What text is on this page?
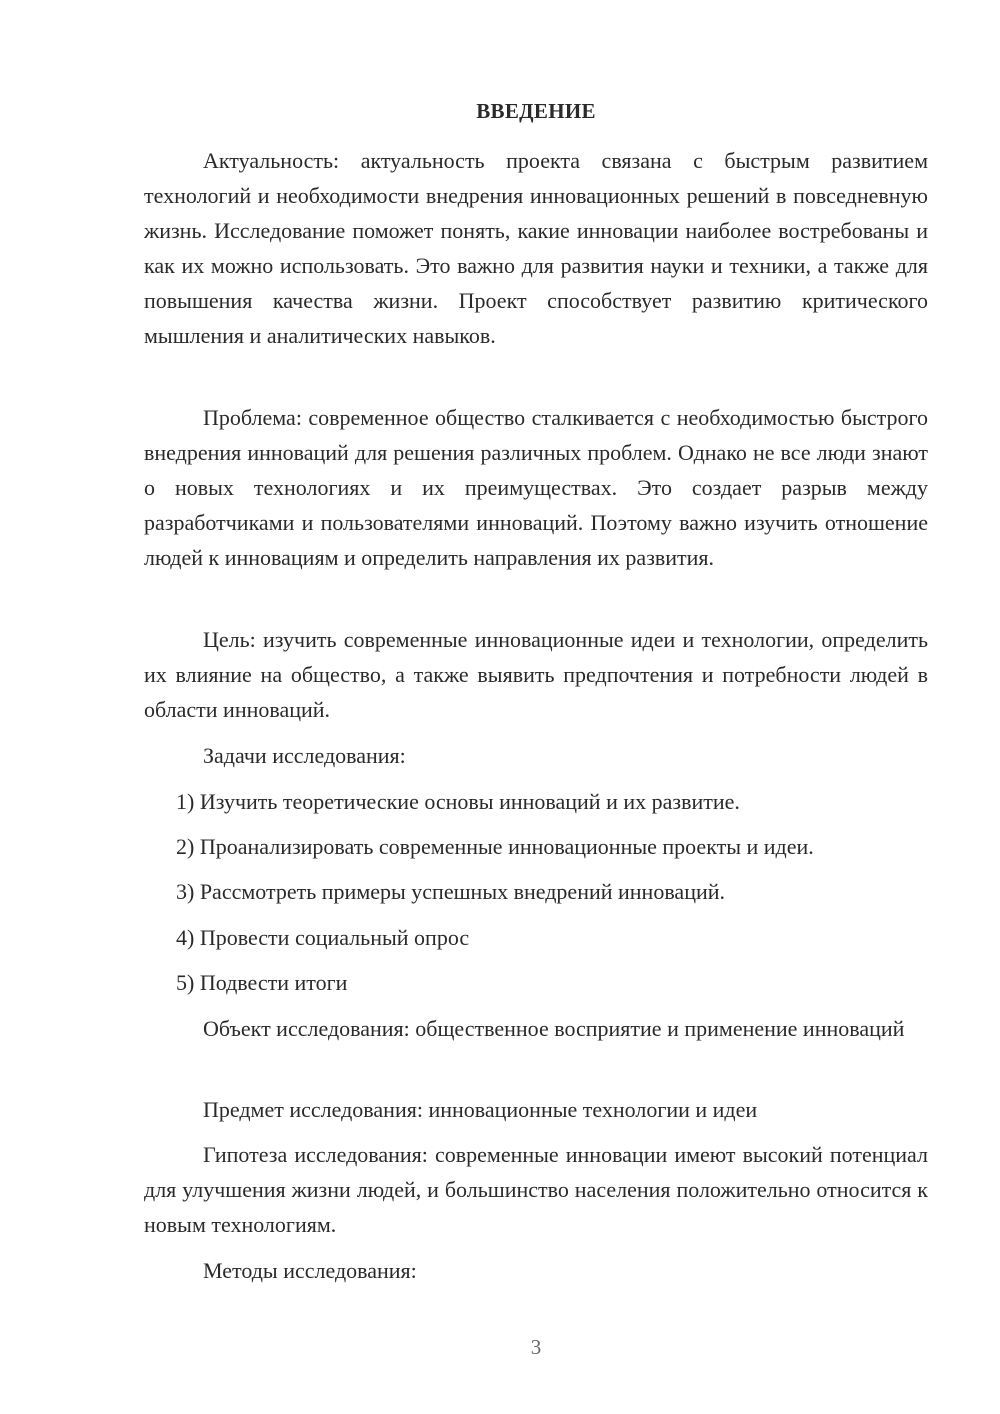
ВВЕДЕНИЕ

Актуальность: актуальность проекта связана с быстрым развитием технологий и необходимости внедрения инновационных решений в повседневную жизнь. Исследование поможет понять, какие инновации наиболее востребованы и как их можно использовать. Это важно для развития науки и техники, а также для повышения качества жизни. Проект способствует развитию критического мышления и аналитических навыков.

Проблема: современное общество сталкивается с необходимостью быстрого внедрения инноваций для решения различных проблем. Однако не все люди знают о новых технологиях и их преимуществах. Это создает разрыв между разработчиками и пользователями инноваций. Поэтому важно изучить отношение людей к инновациям и определить направления их развития.

Цель: изучить современные инновационные идеи и технологии, определить их влияние на общество, а также выявить предпочтения и потребности людей в области инноваций.

Задачи исследования:

1) Изучить теоретические основы инноваций и их развитие.

2) Проанализировать современные инновационные проекты и идеи.

3) Рассмотреть примеры успешных внедрений инноваций.

4) Провести социальный опрос

5) Подвести итоги

Объект исследования: общественное восприятие и применение инноваций

Предмет исследования: инновационные технологии и идеи

Гипотеза исследования: современные инновации имеют высокий потенциал для улучшения жизни людей, и большинство населения положительно относится к новым технологиям.

Методы исследования:

3
